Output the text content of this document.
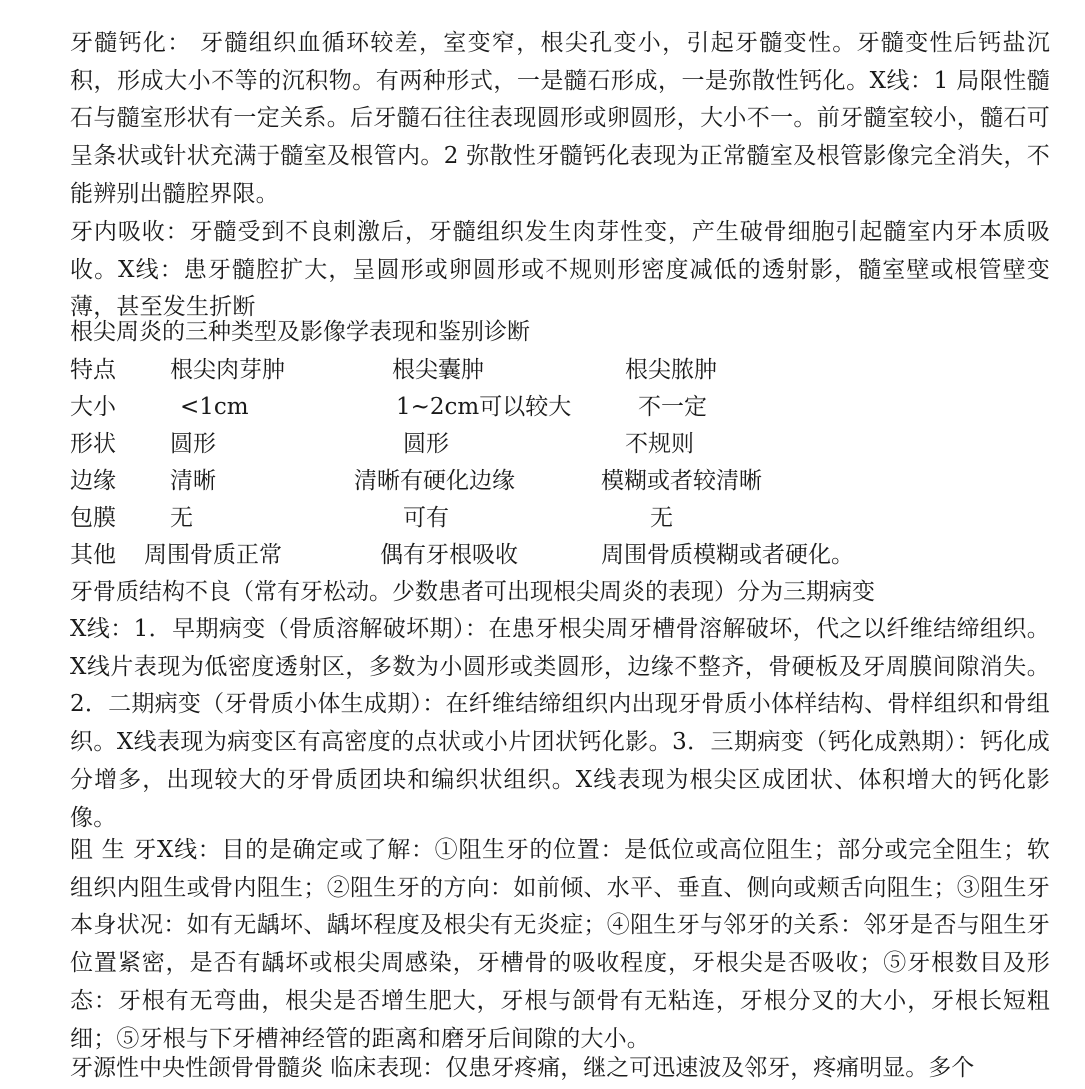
牙髓钙化： 牙髓组织血循环较差，室变窄，根尖孔变小，引起牙髓变性。牙髓变性后钙盐沉积，形成大小不等的沉积物。有两种形式，一是髓石形成，一是弥散性钙化。X线：1 局限性髓石与髓室形状有一定关系。后牙髓石往往表现圆形或卵圆形，大小不一。前牙髓室较小，髓石可呈条状或针状充满于髓室及根管内。2 弥散性牙髓钙化表现为正常髓室及根管影像完全消失，不能辨别出髓腔界限。
牙内吸收：牙髓受到不良刺激后，牙髓组织发生肉芽性变，产生破骨细胞引起髓室内牙本质吸收。X线：患牙髓腔扩大，呈圆形或卵圆形或不规则形密度减低的透射影，髓室壁或根管壁变薄，甚至发生折断
根尖周炎的三种类型及影像学表现和鉴别诊断
特点 根尖肉芽肿	根尖囊肿	根尖脓肿
大小	<1cm	1~2cm可以较大	不一定
形状 圆形	圆形	不规则
边缘 清晰	清晰有硬化边缘	模糊或者较清晰
包膜 无	可有	无
其他 周围骨质正常	偶有牙根吸收	周围骨质模糊或者硬化。
牙骨质结构不良（常有牙松动。少数患者可出现根尖周炎的表现）分为三期病变
X线：1．早期病变（骨质溶解破坏期）：在患牙根尖周牙槽骨溶解破坏，代之以纤维结缔组织。X线片表现为低密度透射区，多数为小圆形或类圆形，边缘不整齐，骨硬板及牙周膜间隙消失。2．二期病变（牙骨质小体生成期）：在纤维结缔组织内出现牙骨质小体样结构、骨样组织和骨组织。X线表现为病变区有高密度的点状或小片团状钙化影。3．三期病变（钙化成熟期）：钙化成分增多，出现较大的牙骨质团块和编织状组织。X线表现为根尖区成团状、体积增大的钙化影像。
阻 生 牙X线：目的是确定或了解：①阻生牙的位置：是低位或高位阻生；部分或完全阻生；软组织内阻生或骨内阻生；②阻生牙的方向：如前倾、水平、垂直、侧向或颊舌向阻生；③阻生牙本身状况：如有无龋坏、龋坏程度及根尖有无炎症；④阻生牙与邻牙的关系：邻牙是否与阻生牙位置紧密，是否有龋坏或根尖周感染，牙槽骨的吸收程度，牙根尖是否吸收；⑤牙根数目及形态：牙根有无弯曲，根尖是否增生肥大，牙根与颌骨有无粘连，牙根分叉的大小，牙根长短粗细；⑤牙根与下牙槽神经管的距离和磨牙后间隙的大小。
牙源性中央性颌骨骨髓炎 临床表现：仅患牙疼痛，继之可迅速波及邻牙，疼痛明显。多个
